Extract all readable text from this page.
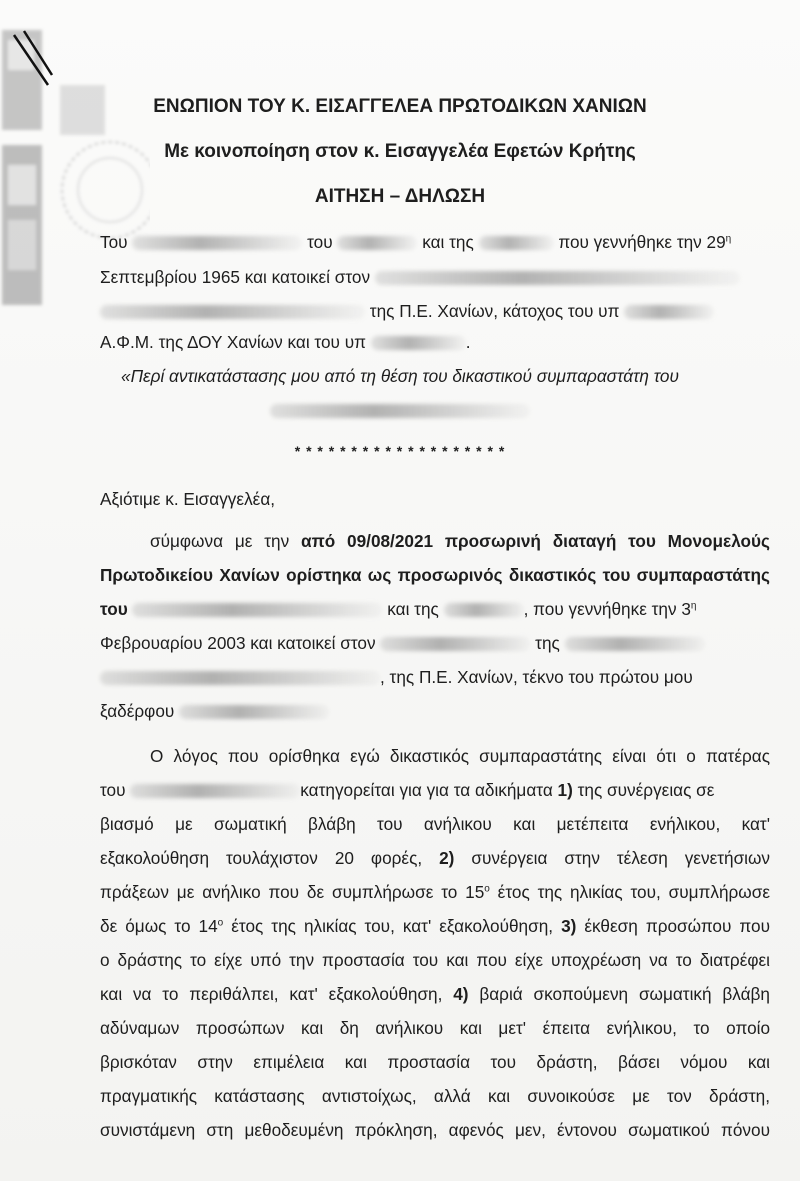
ΕΝΩΠΙΟΝ ΤΟΥ Κ. ΕΙΣΑΓΓΕΛΕΑ ΠΡΩΤΟΔΙΚΩΝ ΧΑΝΙΩΝ
Με κοινοποίηση στον κ. Εισαγγελέα Εφετών Κρήτης
ΑΙΤΗΣΗ – ΔΗΛΩΣΗ
Του	του	και της	που γεννήθηκε την $29^\eta$
Σεπτεμβρίου 1965 και κατοικεί στον
της Π.Ε. Χανίων, κάτοχος του υπ
Α.Φ.Μ. της ΔΟΥ Χανίων και του υπ	.
«Περί αντικατάστασης μου από τη θέση του δικαστικού συμπαραστάτη του
* * * * * * * * * * * * * * * * * * *
Αξιότιμε κ. Εισαγγελέα,
σύμφωνα με την από 09/08/2021 προσωρινή διαταγή του Μονομελούς
Πρωτοδικείου Χανίων ορίστηκα ως προσωρινός δικαστικός του συμπαραστάτης
του	και της	, που γεννήθηκε την $3^\eta$
Φεβρουαρίου 2003 και κατοικεί στον	της
, της Π.Ε. Χανίων, τέκνο του πρώτου μου
ξαδέρφου
Ο λόγος που ορίσθηκα εγώ δικαστικός συμπαραστάτης είναι ότι ο πατέρας
του	κατηγορείται για για τα αδικήματα 1) της συνέργειας σε
βιασμό με σωματική βλάβη του ανήλικου και μετέπειτα ενήλικου, κατ'
εξακολούθηση τουλάχιστον 20 φορές, 2) συνέργεια στην τέλεση γενετήσιων
πράξεων με ανήλικο που δε συμπλήρωσε το $15^o$ έτος της ηλικίας του, συμπλήρωσε
δε όμως το $14^o$ έτος της ηλικίας του, κατ' εξακολούθηση, 3) έκθεση προσώπου που
ο δράστης το είχε υπό την προστασία του και που είχε υποχρέωση να το διατρέφει
και να το περιθάλπει, κατ' εξακολούθηση, 4) βαριά σκοπούμενη σωματική βλάβη
αδύναμων προσώπων και δη ανήλικου και μετ' έπειτα ενήλικου, το οποίο
βρισκόταν στην επιμέλεια και προστασία του δράστη, βάσει νόμου και
πραγματικής κατάστασης αντιστοίχως, αλλά και συνοικούσε με τον δράστη,
συνιστάμενη στη μεθοδευμένη πρόκληση, αφενός μεν, έντονου σωματικού πόνου
